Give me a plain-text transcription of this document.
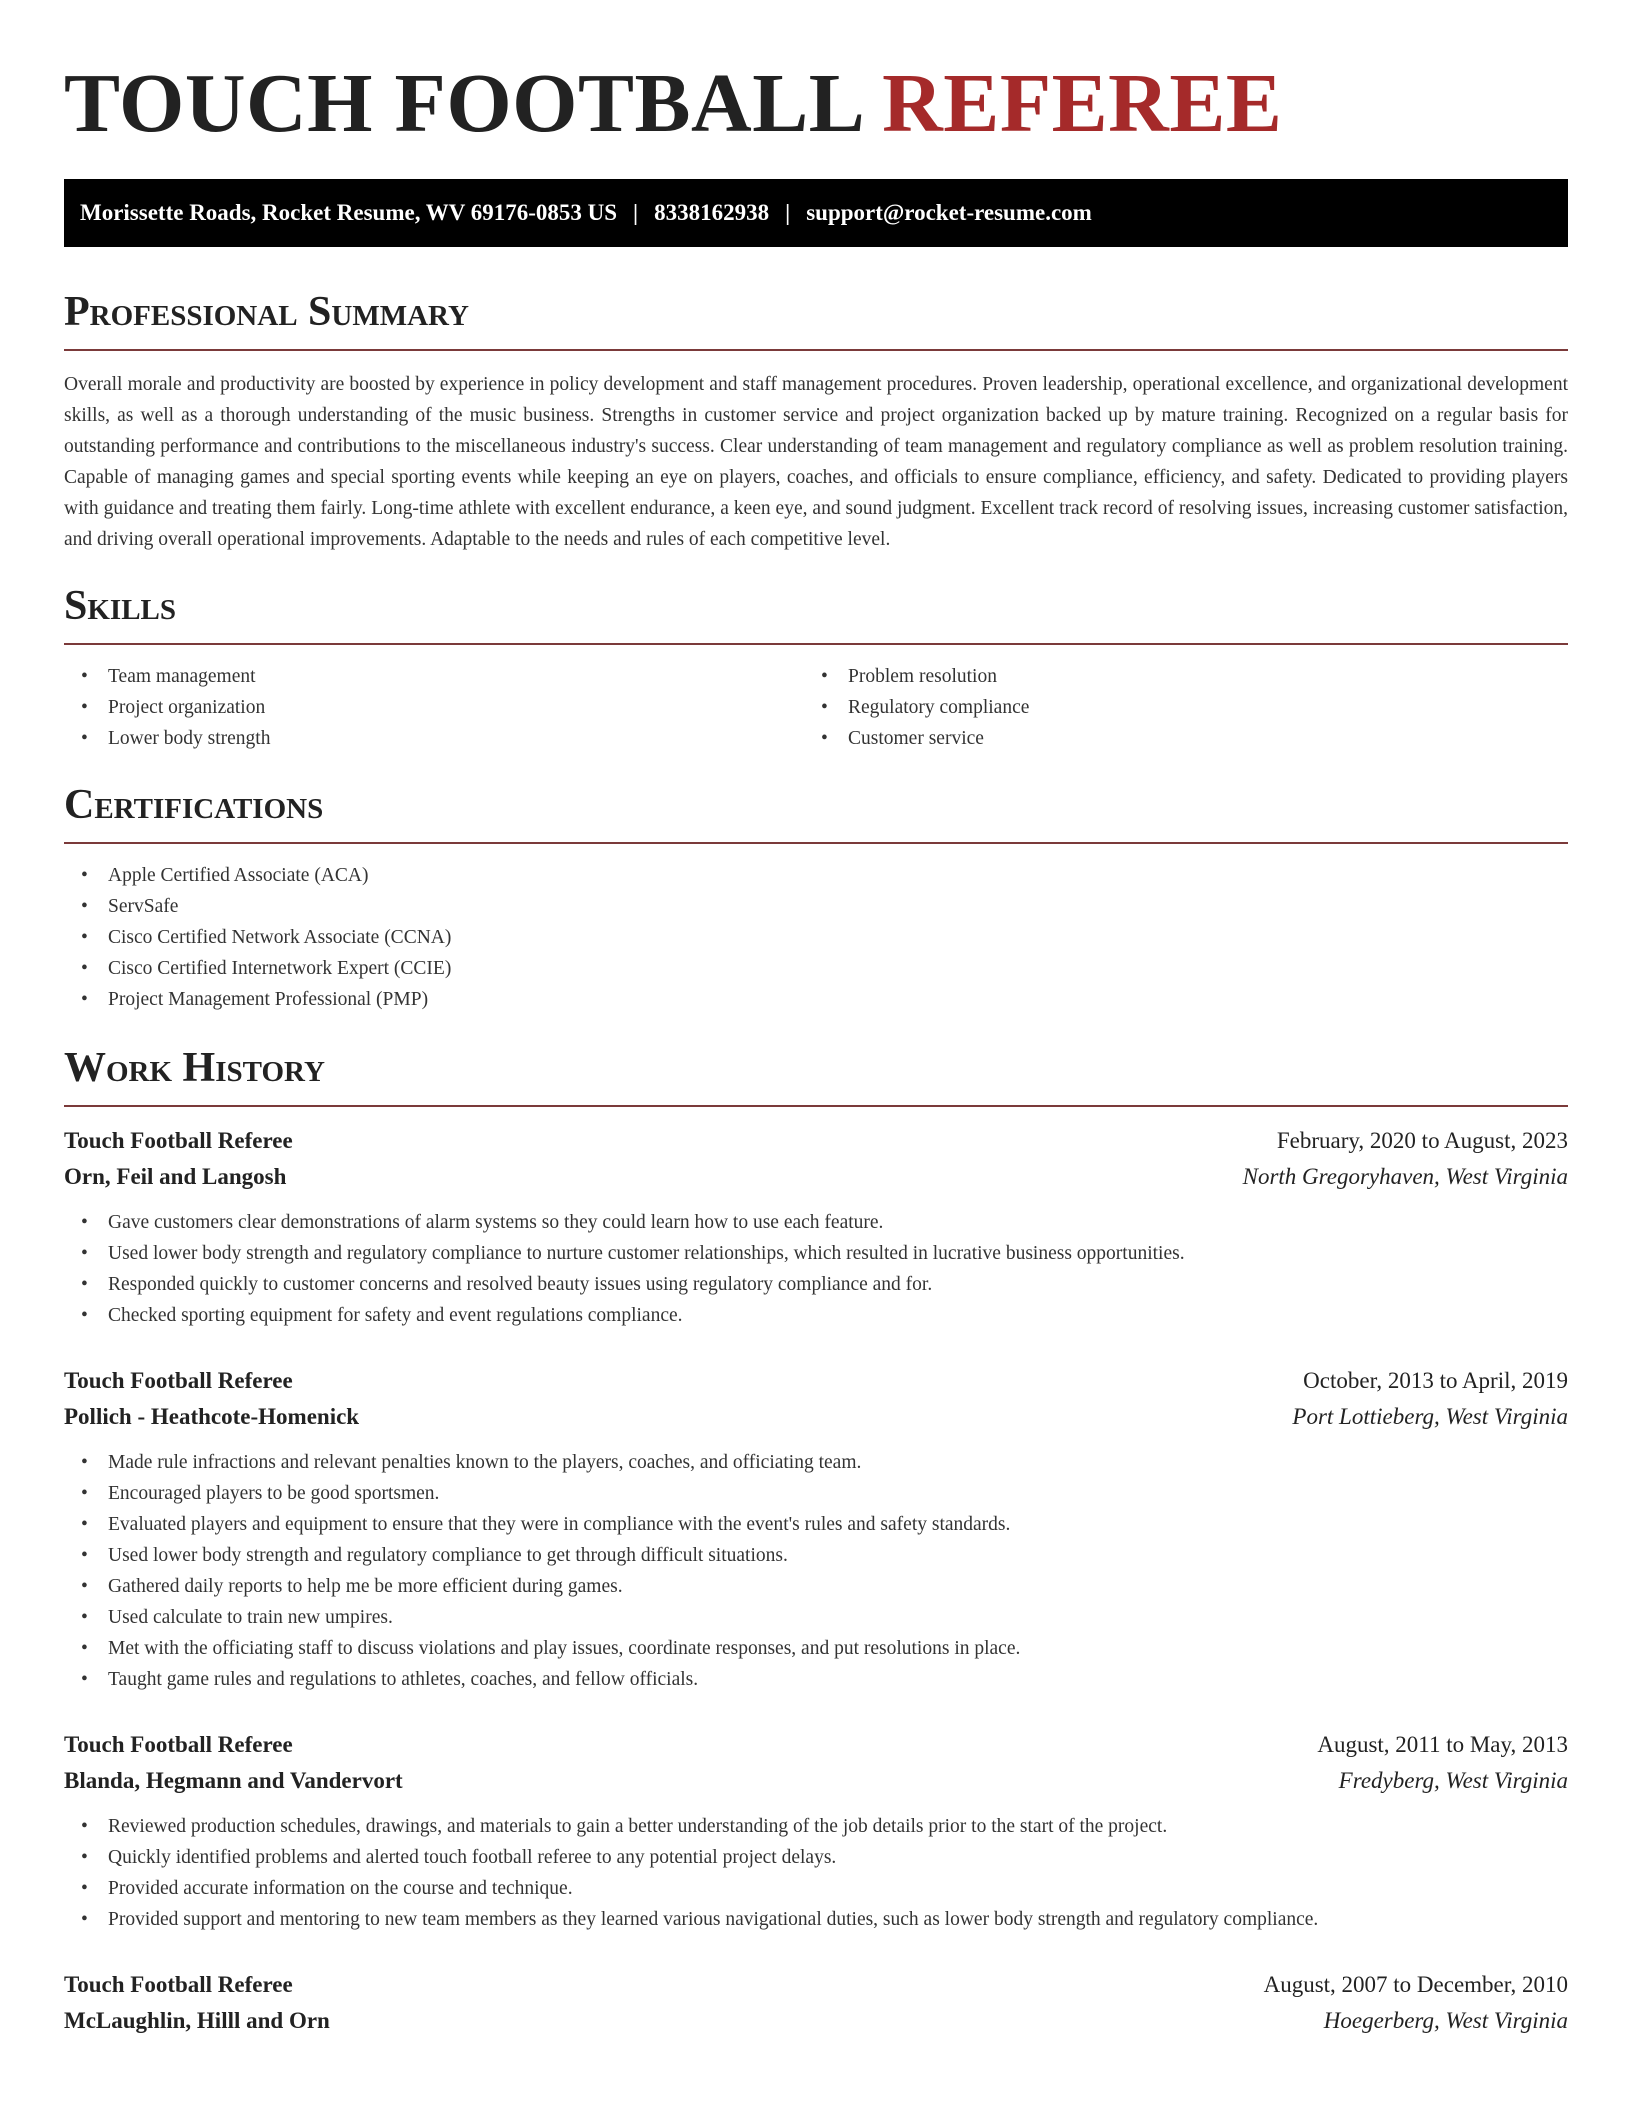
TOUCH FOOTBALL REFEREE
Morissette Roads, Rocket Resume, WV 69176-0853 US | 8338162938 | support@rocket-resume.com
Professional Summary

Overall morale and productivity are boosted by experience in policy development and staff management procedures. Proven leadership, operational excellence, and organizational development skills, as well as a thorough understanding of the music business. Strengths in customer service and project organization backed up by mature training. Recognized on a regular basis for outstanding performance and contributions to the miscellaneous industry's success. Clear understanding of team management and regulatory compliance as well as problem resolution training. Capable of managing games and special sporting events while keeping an eye on players, coaches, and officials to ensure compliance, efficiency, and safety. Dedicated to providing players with guidance and treating them fairly. Long-time athlete with excellent endurance, a keen eye, and sound judgment. Excellent track record of resolving issues, increasing customer satisfaction, and driving overall operational improvements. Adaptable to the needs and rules of each competitive level.

Skills
• Team management
• Project organization
• Lower body strength
• Problem resolution
• Regulatory compliance
• Customer service
Certifications
• Apple Certified Associate (ACA)
• ServSafe
• Cisco Certified Network Associate (CCNA)
• Cisco Certified Internetwork Expert (CCIE)
• Project Management Professional (PMP)
Work History
Touch Football Referee	February, 2020 to August, 2023
Orn, Feil and Langosh	North Gregoryhaven, West Virginia
• Gave customers clear demonstrations of alarm systems so they could learn how to use each feature.
• Used lower body strength and regulatory compliance to nurture customer relationships, which resulted in lucrative business opportunities.
• Responded quickly to customer concerns and resolved beauty issues using regulatory compliance and for.
• Checked sporting equipment for safety and event regulations compliance.
Touch Football Referee	October, 2013 to April, 2019
Pollich - Heathcote-Homenick	Port Lottieberg, West Virginia
• Made rule infractions and relevant penalties known to the players, coaches, and officiating team.
• Encouraged players to be good sportsmen.
• Evaluated players and equipment to ensure that they were in compliance with the event's rules and safety standards.
• Used lower body strength and regulatory compliance to get through difficult situations.
• Gathered daily reports to help me be more efficient during games.
• Used calculate to train new umpires.
• Met with the officiating staff to discuss violations and play issues, coordinate responses, and put resolutions in place.
• Taught game rules and regulations to athletes, coaches, and fellow officials.
Touch Football Referee	August, 2011 to May, 2013
Blanda, Hegmann and Vandervort	Fredyberg, West Virginia
• Reviewed production schedules, drawings, and materials to gain a better understanding of the job details prior to the start of the project.
• Quickly identified problems and alerted touch football referee to any potential project delays.
• Provided accurate information on the course and technique.
• Provided support and mentoring to new team members as they learned various navigational duties, such as lower body strength and regulatory compliance.
Touch Football Referee	August, 2007 to December, 2010
McLaughlin, Hilll and Orn	Hoegerberg, West Virginia
